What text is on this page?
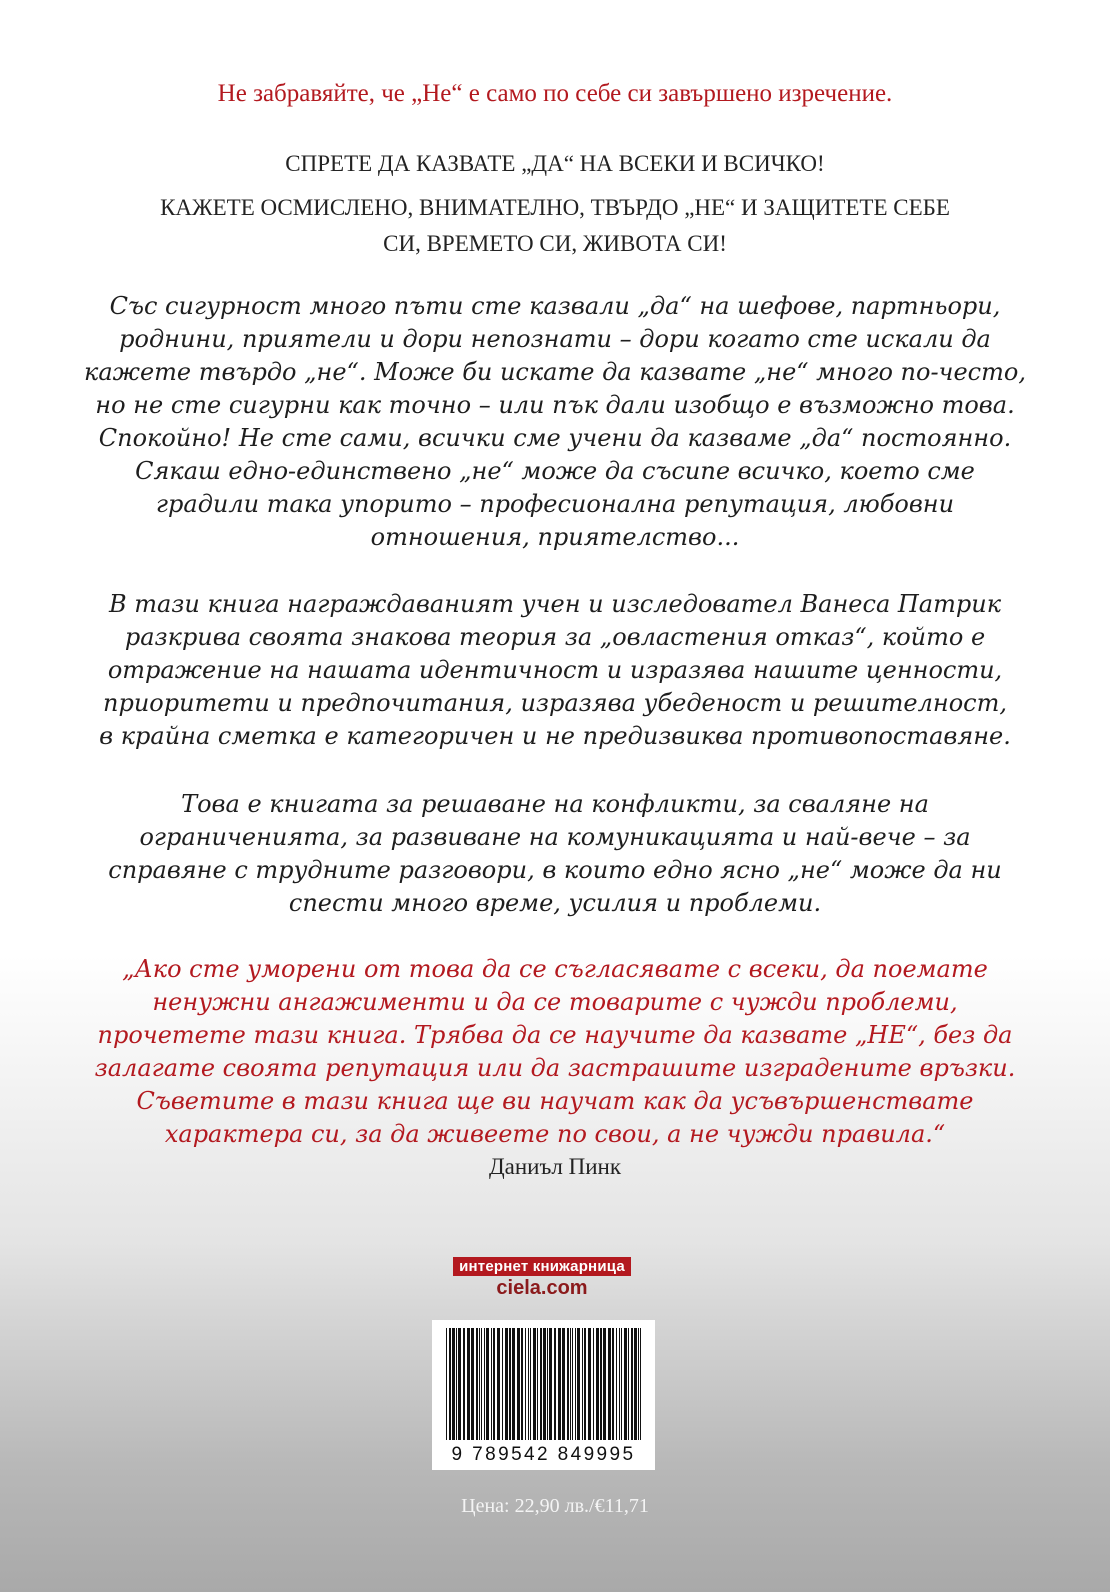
Не забравяйте, че „Не“ е само по себе си завършено изречение.
СПРЕТЕ ДА КАЗВАТЕ „ДА“ НА ВСЕКИ И ВСИЧКО!
КАЖЕТЕ ОСМИСЛЕНО, ВНИМАТЕЛНО, ТВЪРДО „НЕ“ И ЗАЩИТЕТЕ СЕБЕ
СИ, ВРЕМЕТО СИ, ЖИВОТА СИ!
Със сигурност много пъти сте казвали „да“ на шефове, партньори,
роднини, приятели и дори непознати – дори когато сте искали да
кажете твърдо „не“. Може би искате да казвате „не“ много по-често,
но не сте сигурни как точно – или пък дали изобщо е възможно това.
Спокойно! Не сте сами, всички сме учени да казваме „да“ постоянно.
Сякаш едно-единствено „не“ може да съсипе всичко, което сме
градили така упорито – професионална репутация, любовни
отношения, приятелство...
В тази книга награждаваният учен и изследовател Ванеса Патрик
разкрива своята знакова теория за „овластения отказ“, който е
отражение на нашата идентичност и изразява нашите ценности,
приоритети и предпочитания, изразява убеденост и решителност,
в крайна сметка е категоричен и не предизвиква противопоставяне.
Това е книгата за решаване на конфликти, за сваляне на
ограниченията, за развиване на комуникацията и най-вече – за
справяне с трудните разговори, в които едно ясно „не“ може да ни
спести много време, усилия и проблеми.
„Ако сте уморени от това да се съгласявате с всеки, да поемате
ненужни ангажименти и да се товарите с чужди проблеми,
прочетете тази книга. Трябва да се научите да казвате „НЕ“, без да
залагате своята репутация или да застрашите изградените връзки.
Съветите в тази книга ще ви научат как да усъвършенствате
характера си, за да живеете по свои, а не чужди правила.“
Даниъл Пинк
интернет книжарница
ciela.com
9 789542 849995
Цена: 22,90 лв./€11,71
